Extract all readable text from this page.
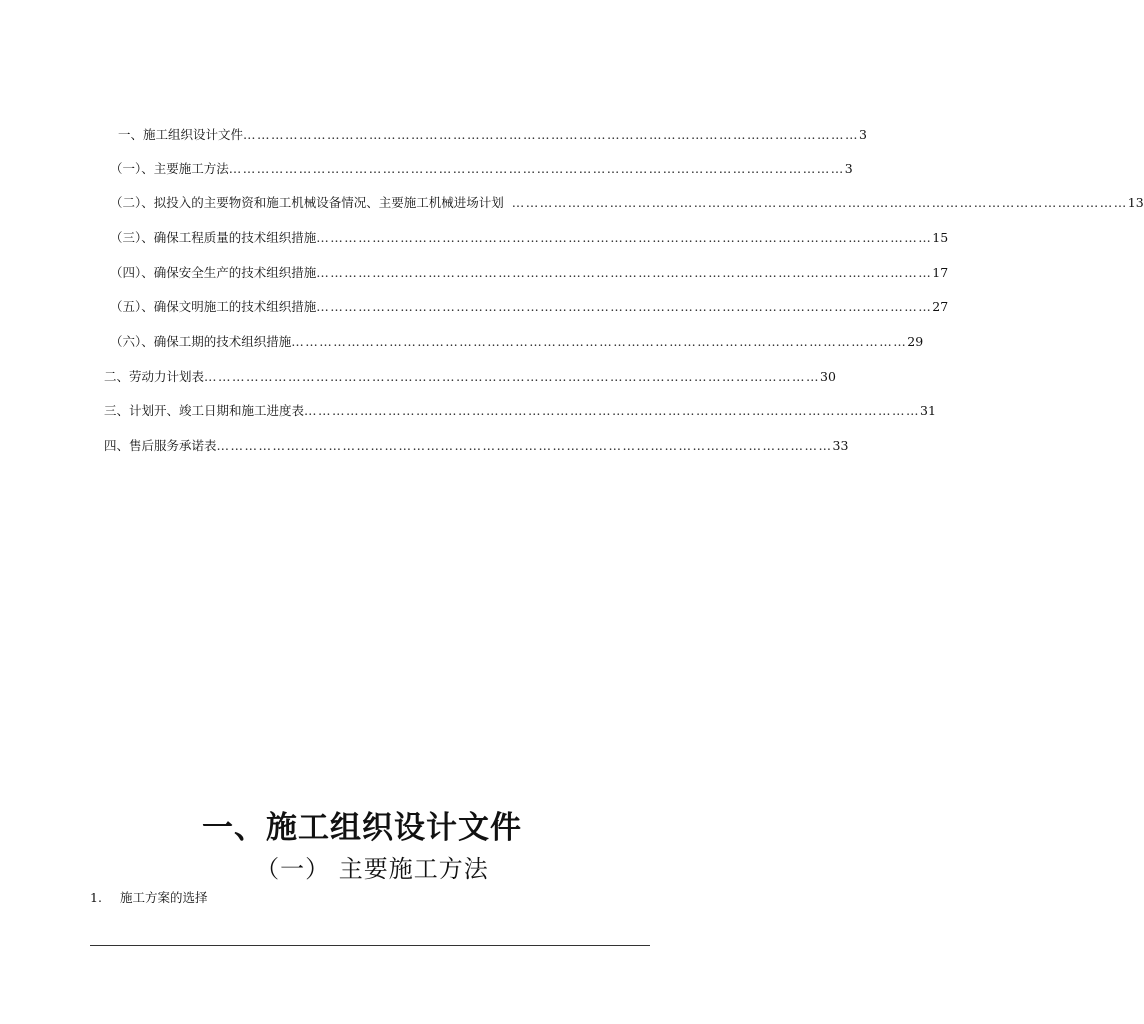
一、施工组织设计文件 …………………………………………………………………………………………………………………… 3
（一）、主要施工方法 …………………………………………………………………………………………………………………… 3
（二）、拟投入的主要物资和施工机械设备情况、主要施工机械进场计划 …………………………………………………………………………………………………………………… 13
（三）、确保工程质量的技术组织措施 …………………………………………………………………………………………………………………… 15
（四）、确保安全生产的技术组织措施 …………………………………………………………………………………………………………………… 17
（五）、确保文明施工的技术组织措施 …………………………………………………………………………………………………………………… 27
（六）、确保工期的技术组织措施 …………………………………………………………………………………………………………………… 29
二、劳动力计划表 …………………………………………………………………………………………………………………… 30
三、计划开、竣工日期和施工进度表 …………………………………………………………………………………………………………………… 31
四、售后服务承诺表 …………………………………………………………………………………………………………………… 33
一、施工组织设计文件
（一） 主要施工方法
1. 施工方案的选择
